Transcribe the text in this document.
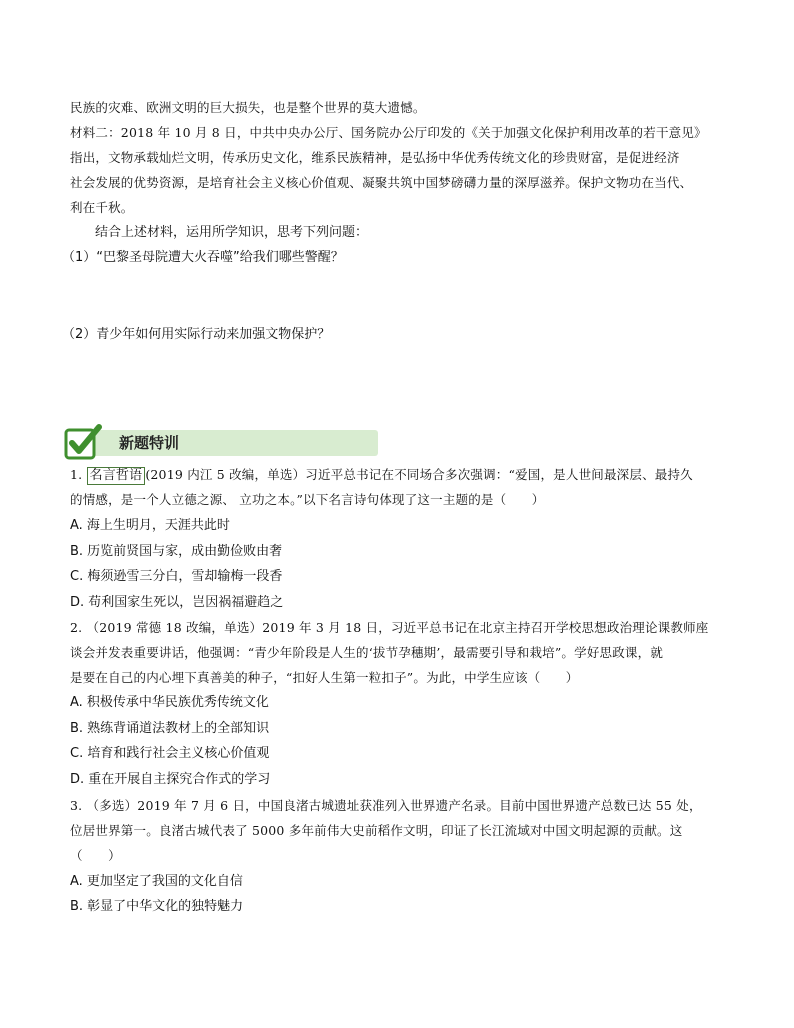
民族的灾难、欧洲文明的巨大损失，也是整个世界的莫大遗憾。
材料二：2018 年 10 月 8 日，中共中央办公厅、国务院办公厅印发的《关于加强文化保护利用改革的若干意见》
指出，文物承载灿烂文明，传承历史文化，维系民族精神，是弘扬中华优秀传统文化的珍贵财富，是促进经济
社会发展的优势资源，是培育社会主义核心价值观、凝聚共筑中国梦磅礴力量的深厚滋养。保护文物功在当代、
利在千秋。
结合上述材料，运用所学知识，思考下列问题：
（1）“巴黎圣母院遭大火吞噬”给我们哪些警醒？
（2）青少年如何用实际行动来加强文物保护？
新题特训
1. 名言哲语 (2019 内江 5 改编，单选）习近平总书记在不同场合多次强调：“爱国，是人世间最深层、最持久
的情感，是一个人立德之源、 立功之本。”以下名言诗句体现了这一主题的是（　　）
A. 海上生明月，天涯共此时
B. 历览前贤国与家，成由勤俭败由奢
C. 梅须逊雪三分白，雪却输梅一段香
D. 苟利国家生死以，岂因祸福避趋之
2. （2019 常德 18 改编，单选）2019 年 3 月 18 日，习近平总书记在北京主持召开学校思想政治理论课教师座
谈会并发表重要讲话，他强调：“青少年阶段是人生的‘拔节孕穗期’，最需要引导和栽培”。学好思政课，就
是要在自己的内心埋下真善美的种子，“扣好人生第一粒扣子”。为此，中学生应该（　　）
A. 积极传承中华民族优秀传统文化
B. 熟练背诵道法教材上的全部知识
C. 培育和践行社会主义核心价值观
D. 重在开展自主探究合作式的学习
3. （多选）2019 年 7 月 6 日，中国良渚古城遗址获准列入世界遗产名录。目前中国世界遗产总数已达 55 处，
位居世界第一。良渚古城代表了 5000 多年前伟大史前稻作文明，印证了长江流域对中国文明起源的贡献。这
（　　）
A. 更加坚定了我国的文化自信
B. 彰显了中华文化的独特魅力
